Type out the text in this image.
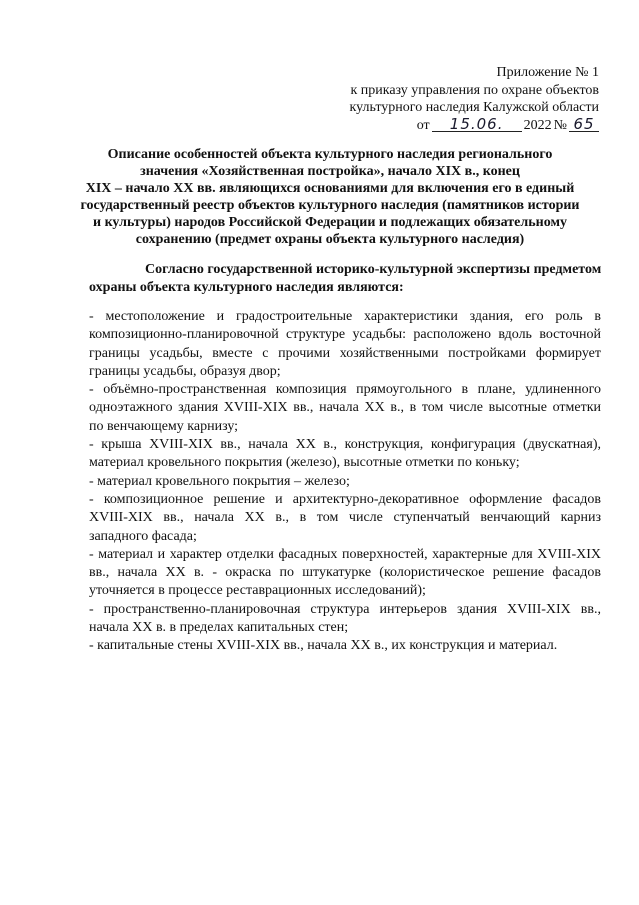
Приложение № 1
к приказу управления по охране объектов
культурного наследия Калужской области
от	15.06.	2022 № 65
Описание особенностей объекта культурного наследия регионального
значения «Хозяйственная постройка», начало XIX в., конец
XIX – начало XX вв. являющихся основаниями для включения его в единый
государственный реестр объектов культурного наследия (памятников истории
и культуры) народов Российской Федерации и подлежащих обязательному
сохранению (предмет охраны объекта культурного наследия)
Согласно государственной историко-культурной экспертизы предметом
охраны объекта культурного наследия являются:
- местоположение и градостроительные характеристики здания, его роль в
композиционно-планировочной структуре усадьбы: расположено вдоль восточной
границы усадьбы, вместе с прочими хозяйственными постройками формирует
границы усадьбы, образуя двор;
- объёмно-пространственная композиция прямоугольного в плане, удлиненного
одноэтажного здания XVIII-XIX вв., начала XX в., в том числе высотные отметки
по венчающему карнизу;
- крыша XVIII-XIX вв., начала XX в., конструкция, конфигурация (двускатная),
материал кровельного покрытия (железо), высотные отметки по коньку;
- материал кровельного покрытия – железо;
- композиционное решение и архитектурно-декоративное оформление фасадов
XVIII-XIX вв., начала XX в., в том числе ступенчатый венчающий карниз
западного фасада;
- материал и характер отделки фасадных поверхностей, характерные для XVIII-XIX
вв., начала XX в. - окраска по штукатурке (колористическое решение фасадов
уточняется в процессе реставрационных исследований);
- пространственно-планировочная структура интерьеров здания XVIII-XIX вв.,
начала XX в. в пределах капитальных стен;
- капитальные стены XVIII-XIX вв., начала XX в., их конструкция и материал.
